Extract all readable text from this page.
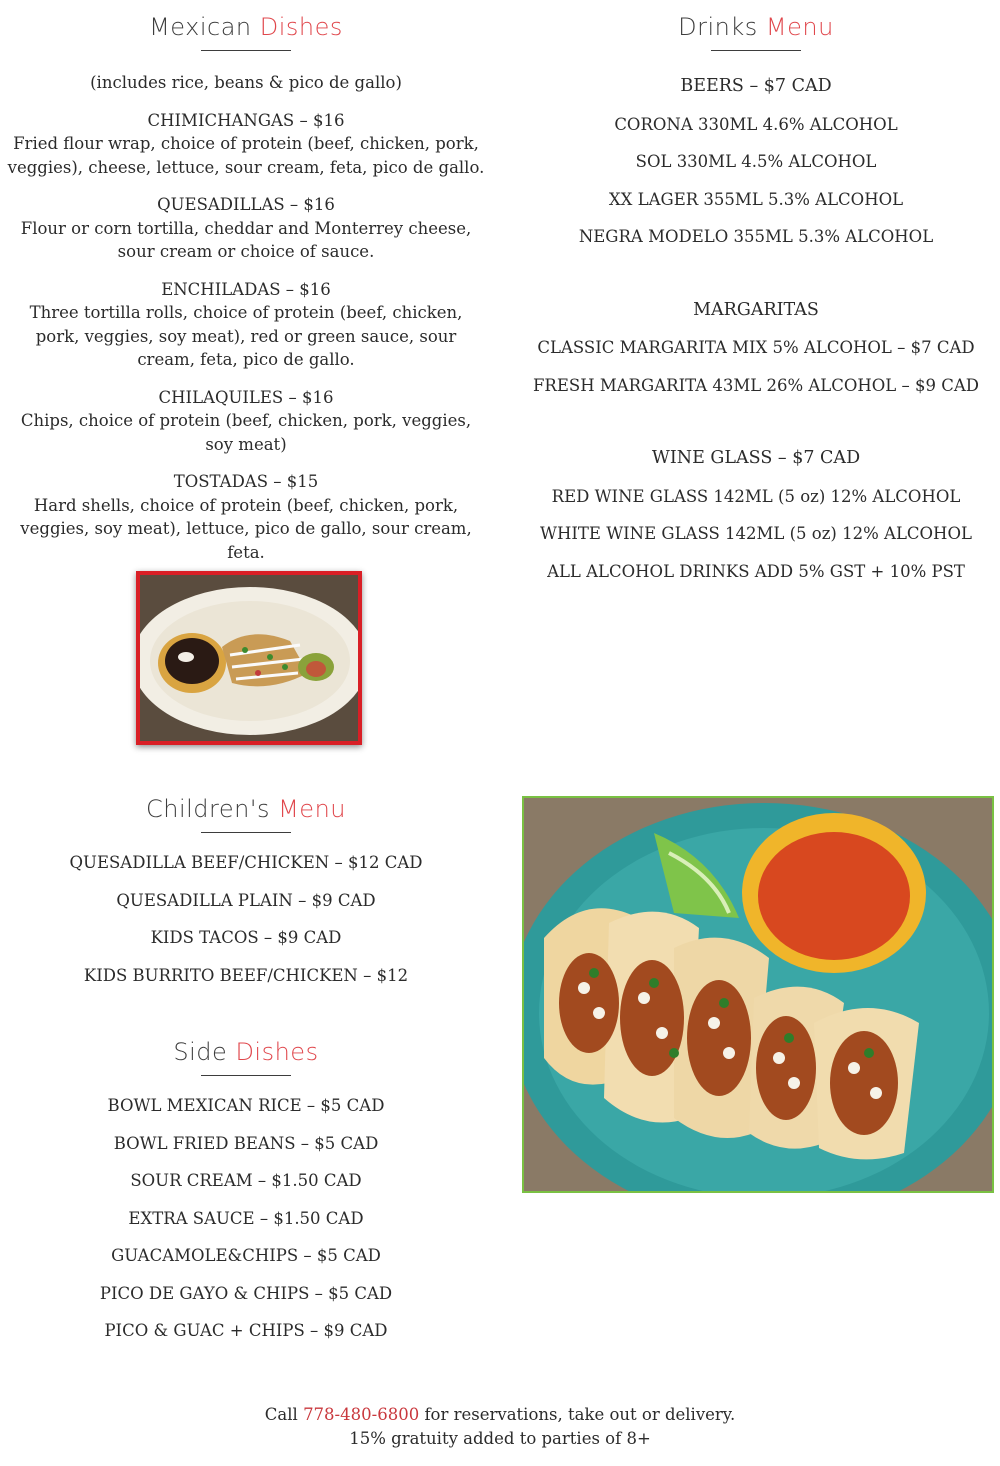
Mexican Dishes
(includes rice, beans & pico de gallo)
CHIMICHANGAS – $16
Fried flour wrap, choice of protein (beef, chicken, pork, veggies), cheese, lettuce, sour cream, feta, pico de gallo.
QUESADILLAS – $16
Flour or corn tortilla, cheddar and Monterrey cheese, sour cream or choice of sauce.
ENCHILADAS – $16
Three tortilla rolls, choice of protein (beef, chicken, pork, veggies, soy meat), red or green sauce, sour cream, feta, pico de gallo.
CHILAQUILES – $16
Chips, choice of protein (beef, chicken, pork, veggies, soy meat)
TOSTADAS – $15
Hard shells, choice of protein (beef, chicken, pork, veggies, soy meat), lettuce, pico de gallo, sour cream, feta.
Drinks Menu
BEERS – $7 CAD
CORONA 330ML 4.6% ALCOHOL
SOL 330ML 4.5% ALCOHOL
XX LAGER 355ML 5.3% ALCOHOL
NEGRA MODELO 355ML 5.3% ALCOHOL
MARGARITAS
CLASSIC MARGARITA MIX 5% ALCOHOL – $7 CAD
FRESH MARGARITA 43ML 26% ALCOHOL – $9 CAD
WINE GLASS – $7 CAD
RED WINE GLASS 142ML (5 oz) 12% ALCOHOL
WHITE WINE GLASS 142ML (5 oz) 12% ALCOHOL
ALL ALCOHOL DRINKS ADD 5% GST + 10% PST
Children's Menu
QUESADILLA BEEF/CHICKEN – $12 CAD
QUESADILLA PLAIN – $9 CAD
KIDS TACOS – $9 CAD
KIDS BURRITO BEEF/CHICKEN – $12
Side Dishes
BOWL MEXICAN RICE – $5 CAD
BOWL FRIED BEANS – $5 CAD
SOUR CREAM – $1.50 CAD
EXTRA SAUCE – $1.50 CAD
GUACAMOLE&CHIPS – $5 CAD
PICO DE GAYO & CHIPS – $5 CAD
PICO & GUAC + CHIPS – $9 CAD
Call 778-480-6800 for reservations, take out or delivery.
15% gratuity added to parties of 8+
